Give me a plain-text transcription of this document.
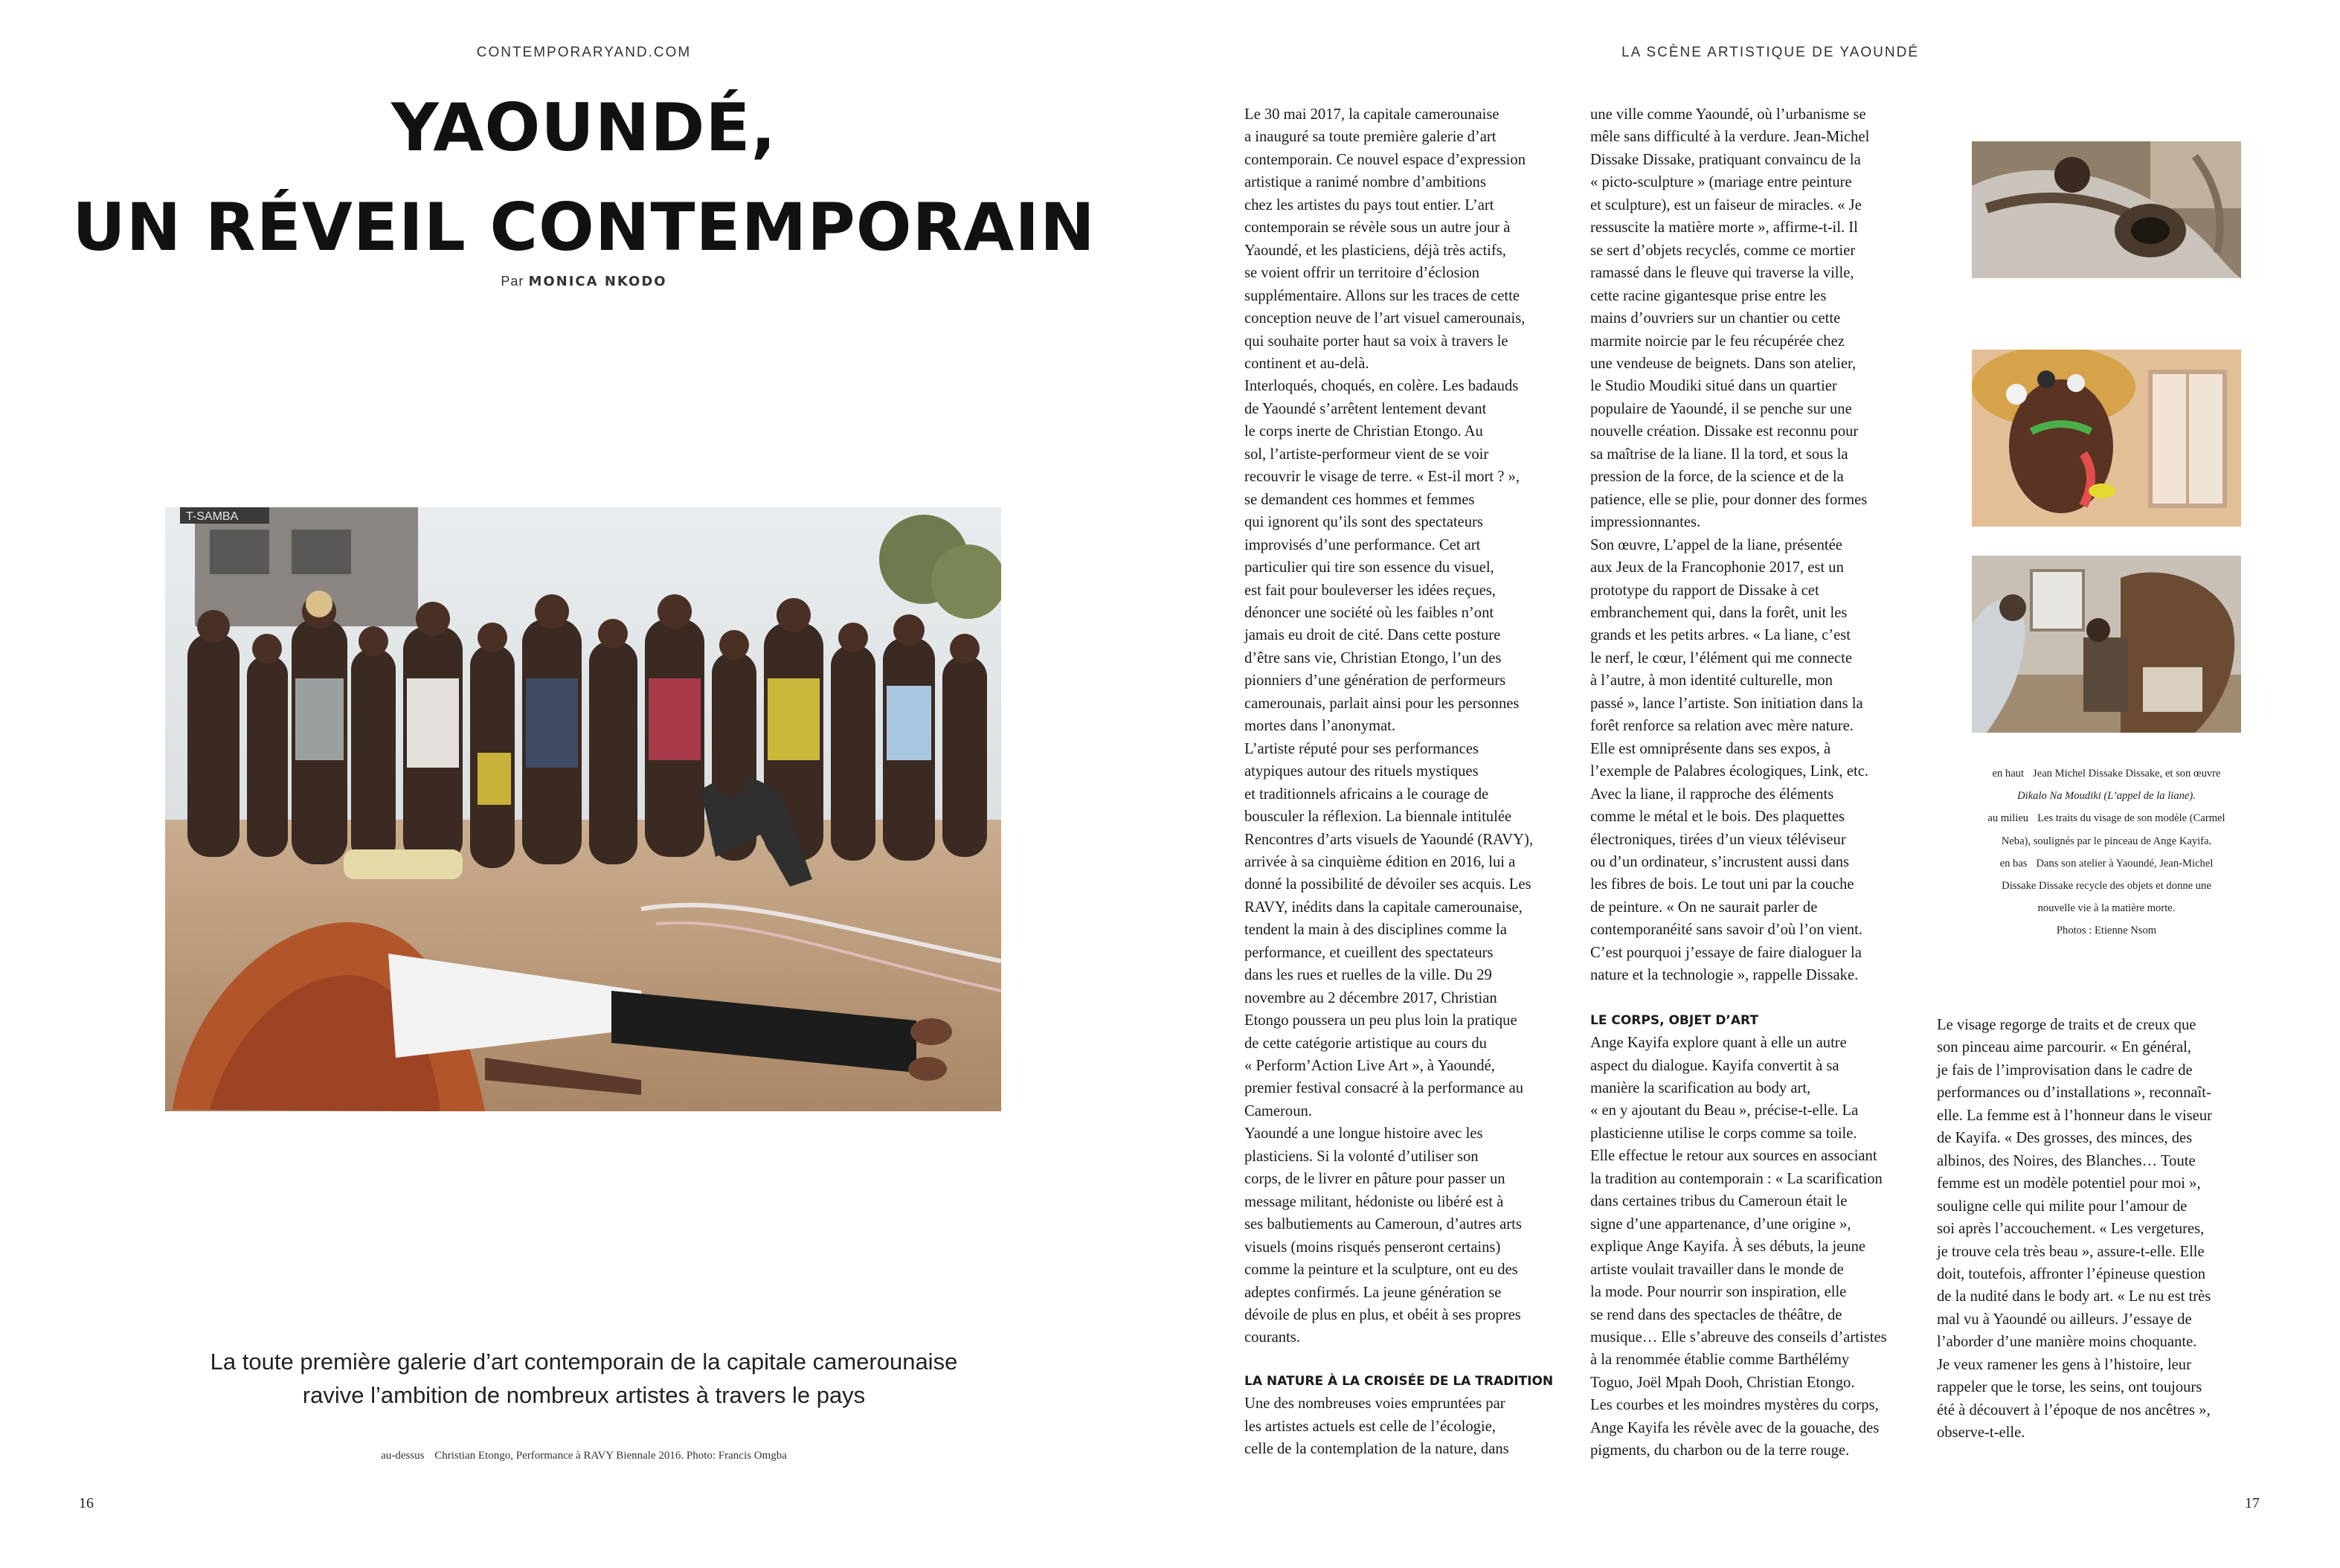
CONTEMPORARYAND.COM
YAOUNDÉ,
UN RÉVEIL CONTEMPORAIN
Par MONICA NKODO
T-SAMBA
La toute première galerie d’art contemporain de la capitale camerounaise
ravive l’ambition de nombreux artistes à travers le pays
au-dessus Christian Etongo, Performance à RAVY Biennale 2016. Photo: Francis Omgba
16
LA SCÈNE ARTISTIQUE DE YAOUNDÉ

Le 30 mai 2017, la capitale camerounaise

a inauguré sa toute première galerie d’art

contemporain. Ce nouvel espace d’expression

artistique a ranimé nombre d’ambitions

chez les artistes du pays tout entier. L’art

contemporain se révèle sous un autre jour à

Yaoundé, et les plasticiens, déjà très actifs,

se voient offrir un territoire d’éclosion

supplémentaire. Allons sur les traces de cette

conception neuve de l’art visuel camerounais,

qui souhaite porter haut sa voix à travers le

continent et au-delà.

Interloqués, choqués, en colère. Les badauds

de Yaoundé s’arrêtent lentement devant

le corps inerte de Christian Etongo. Au

sol, l’artiste-performeur vient de se voir

recouvrir le visage de terre. « Est-il mort ? »,

se demandent ces hommes et femmes

qui ignorent qu’ils sont des spectateurs

improvisés d’une performance. Cet art

particulier qui tire son essence du visuel,

est fait pour bouleverser les idées reçues,

dénoncer une société où les faibles n’ont

jamais eu droit de cité. Dans cette posture

d’être sans vie, Christian Etongo, l’un des

pionniers d’une génération de performeurs

camerounais, parlait ainsi pour les personnes

mortes dans l’anonymat.

L’artiste réputé pour ses performances

atypiques autour des rituels mystiques

et traditionnels africains a le courage de

bousculer la réflexion. La biennale intitulée

Rencontres d’arts visuels de Yaoundé (RAVY),

arrivée à sa cinquième édition en 2016, lui a

donné la possibilité de dévoiler ses acquis. Les

RAVY, inédits dans la capitale camerounaise,

tendent la main à des disciplines comme la

performance, et cueillent des spectateurs

dans les rues et ruelles de la ville. Du 29

novembre au 2 décembre 2017, Christian

Etongo poussera un peu plus loin la pratique

de cette catégorie artistique au cours du

« Perform’Action Live Art », à Yaoundé,

premier festival consacré à la performance au

Cameroun.

Yaoundé a une longue histoire avec les

plasticiens. Si la volonté d’utiliser son

corps, de le livrer en pâture pour passer un

message militant, hédoniste ou libéré est à

ses balbutiements au Cameroun, d’autres arts

visuels (moins risqués penseront certains)

comme la peinture et la sculpture, ont eu des

adeptes confirmés. La jeune génération se

dévoile de plus en plus, et obéit à ses propres

courants.

LA NATURE À LA CROISÉE DE LA TRADITION

Une des nombreuses voies empruntées par

les artistes actuels est celle de l’écologie,

celle de la contemplation de la nature, dans

une ville comme Yaoundé, où l’urbanisme se

mêle sans difficulté à la verdure. Jean-Michel

Dissake Dissake, pratiquant convaincu de la

« picto-sculpture » (mariage entre peinture

et sculpture), est un faiseur de miracles. « Je

ressuscite la matière morte », affirme-t-il. Il

se sert d’objets recyclés, comme ce mortier

ramassé dans le fleuve qui traverse la ville,

cette racine gigantesque prise entre les

mains d’ouvriers sur un chantier ou cette

marmite noircie par le feu récupérée chez

une vendeuse de beignets. Dans son atelier,

le Studio Moudiki situé dans un quartier

populaire de Yaoundé, il se penche sur une

nouvelle création. Dissake est reconnu pour

sa maîtrise de la liane. Il la tord, et sous la

pression de la force, de la science et de la

patience, elle se plie, pour donner des formes

impressionnantes.

Son œuvre, L’appel de la liane, présentée

aux Jeux de la Francophonie 2017, est un

prototype du rapport de Dissake à cet

embranchement qui, dans la forêt, unit les

grands et les petits arbres. « La liane, c’est

le nerf, le cœur, l’élément qui me connecte

à l’autre, à mon identité culturelle, mon

passé », lance l’artiste. Son initiation dans la

forêt renforce sa relation avec mère nature.

Elle est omniprésente dans ses expos, à

l’exemple de Palabres écologiques, Link, etc.

Avec la liane, il rapproche des éléments

comme le métal et le bois. Des plaquettes

électroniques, tirées d’un vieux téléviseur

ou d’un ordinateur, s’incrustent aussi dans

les fibres de bois. Le tout uni par la couche

de peinture. « On ne saurait parler de

contemporanéité sans savoir d’où l’on vient.

C’est pourquoi j’essaye de faire dialoguer la

nature et la technologie », rappelle Dissake.

LE CORPS, OBJET D’ART

Ange Kayifa explore quant à elle un autre

aspect du dialogue. Kayifa convertit à sa

manière la scarification au body art,

« en y ajoutant du Beau », précise-t-elle. La

plasticienne utilise le corps comme sa toile.

Elle effectue le retour aux sources en associant

la tradition au contemporain : « La scarification

dans certaines tribus du Cameroun était le

signe d’une appartenance, d’une origine »,

explique Ange Kayifa. À ses débuts, la jeune

artiste voulait travailler dans le monde de

la mode. Pour nourrir son inspiration, elle

se rend dans des spectacles de théâtre, de

musique… Elle s’abreuve des conseils d’artistes

à la renommée établie comme Barthélémy

Toguo, Joël Mpah Dooh, Christian Etongo.

Les courbes et les moindres mystères du corps,

Ange Kayifa les révèle avec de la gouache, des

pigments, du charbon ou de la terre rouge.

Le visage regorge de traits et de creux que

son pinceau aime parcourir. « En général,

je fais de l’improvisation dans le cadre de

performances ou d’installations », reconnaît-

elle. La femme est à l’honneur dans le viseur

de Kayifa. « Des grosses, des minces, des

albinos, des Noires, des Blanches… Toute

femme est un modèle potentiel pour moi »,

souligne celle qui milite pour l’amour de

soi après l’accouchement. « Les vergetures,

je trouve cela très beau », assure-t-elle. Elle

doit, toutefois, affronter l’épineuse question

de la nudité dans le body art. « Le nu est très

mal vu à Yaoundé ou ailleurs. J’essaye de

l’aborder d’une manière moins choquante.

Je veux ramener les gens à l’histoire, leur

rappeler que le torse, les seins, ont toujours

été à découvert à l’époque de nos ancêtres »,

observe-t-elle.

en haut Jean Michel Dissake Dissake, et son œuvre
Dikalo Na Moudiki (L’appel de la liane).
au milieu Les traits du visage de son modèle (Carmel
Neba), soulignés par le pinceau de Ange Kayifa.
en bas Dans son atelier à Yaoundé, Jean-Michel
Dissake Dissake recycle des objets et donne une
nouvelle vie à la matière morte.
Photos : Etienne Nsom
17
